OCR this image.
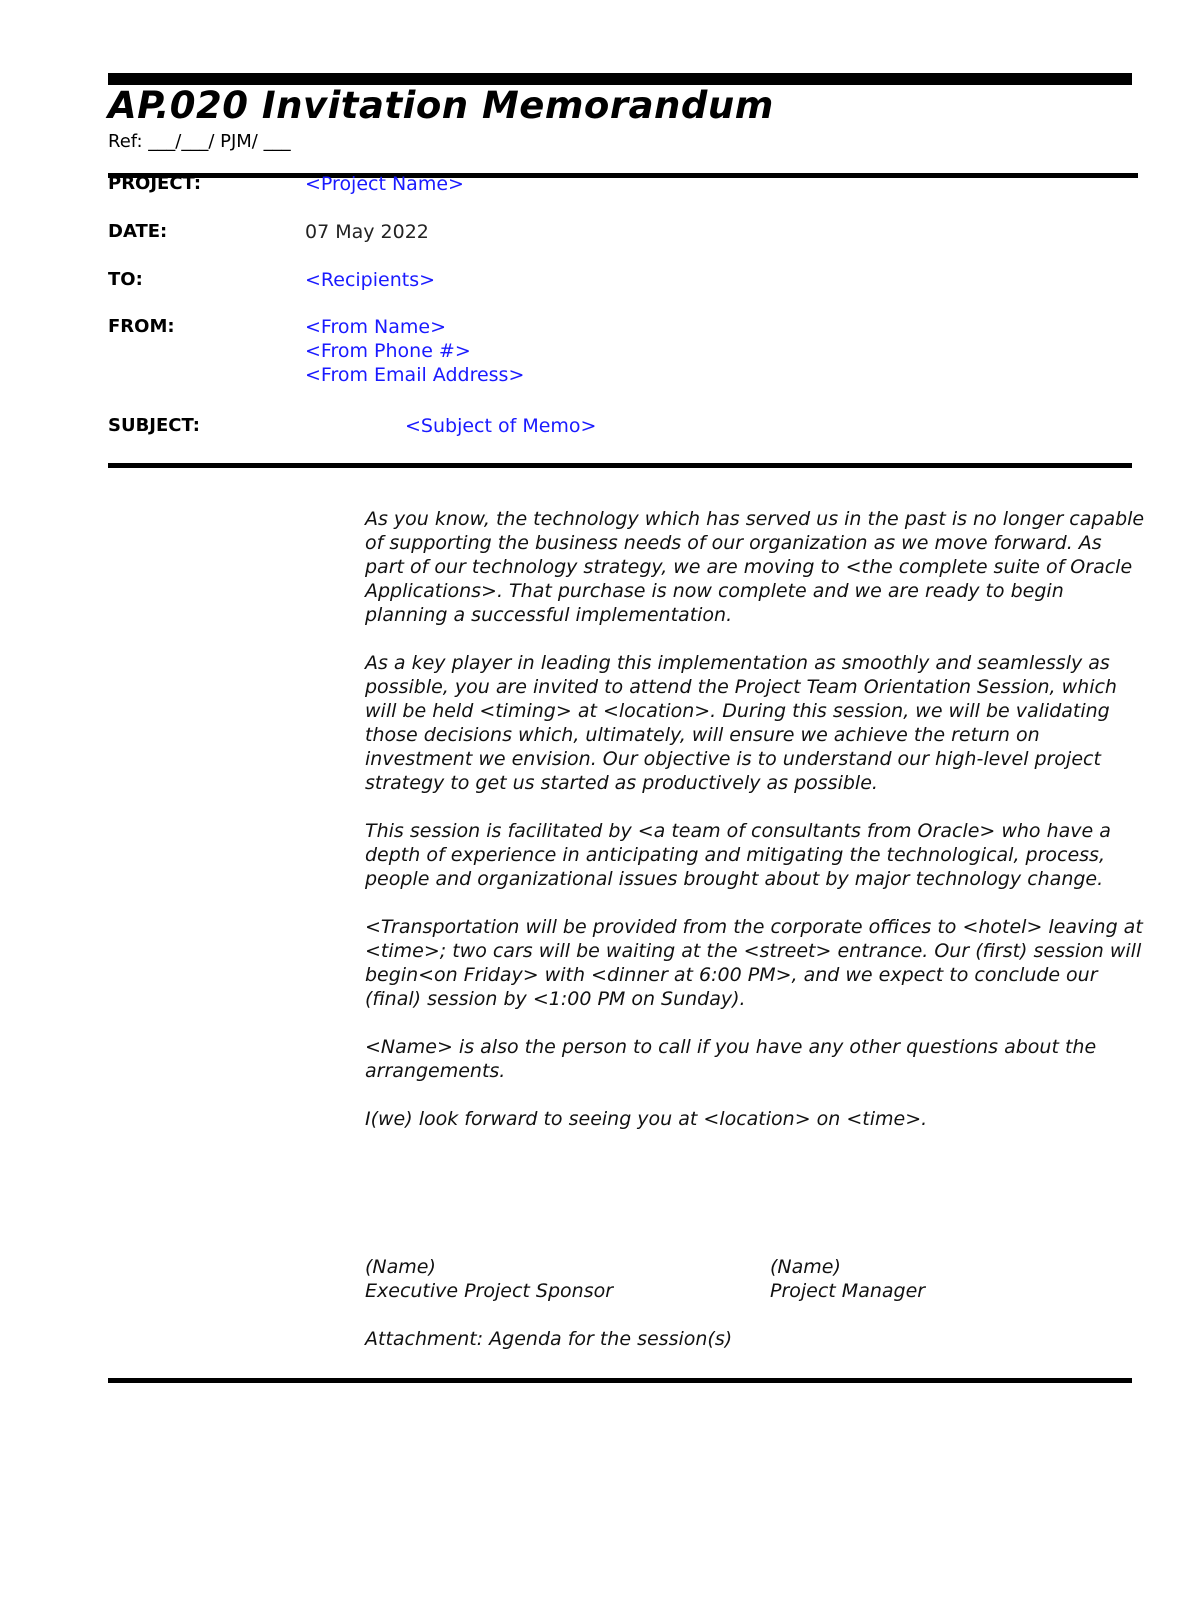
AP.020 Invitation Memorandum
Ref: ___/___/ PJM/ ___
PROJECT:	<Project Name>
DATE:	07 May 2022
TO:	<Recipients>
FROM:	<From Name>
<From Phone #>
<From Email Address>
SUBJECT:	<Subject of Memo>

As you know, the technology which has served us in the past is no longer capable of supporting the business needs of our organization as we move forward. As part of our technology strategy, we are moving to <the complete suite of Oracle Applications>. That purchase is now complete and we are ready to begin planning a successful implementation.

As a key player in leading this implementation as smoothly and seamlessly as possible, you are invited to attend the Project Team Orientation Session, which will be held <timing> at <location>. During this session, we will be validating those decisions which, ultimately, will ensure we achieve the return on investment we envision. Our objective is to understand our high-level project strategy to get us started as productively as possible.

This session is facilitated by <a team of consultants from Oracle> who have a depth of experience in anticipating and mitigating the technological, process, people and organizational issues brought about by major technology change.

<Transportation will be provided from the corporate offices to <hotel> leaving at <time>; two cars will be waiting at the <street> entrance. Our (first) session will begin<on Friday> with <dinner at 6:00 PM>, and we expect to conclude our (final) session by <1:00 PM on Sunday).

<Name> is also the person to call if you have any other questions about the arrangements.

I(we) look forward to seeing you at <location> on <time>.

(Name)
Executive Project Sponsor
(Name)
Project Manager
Attachment: Agenda for the session(s)
